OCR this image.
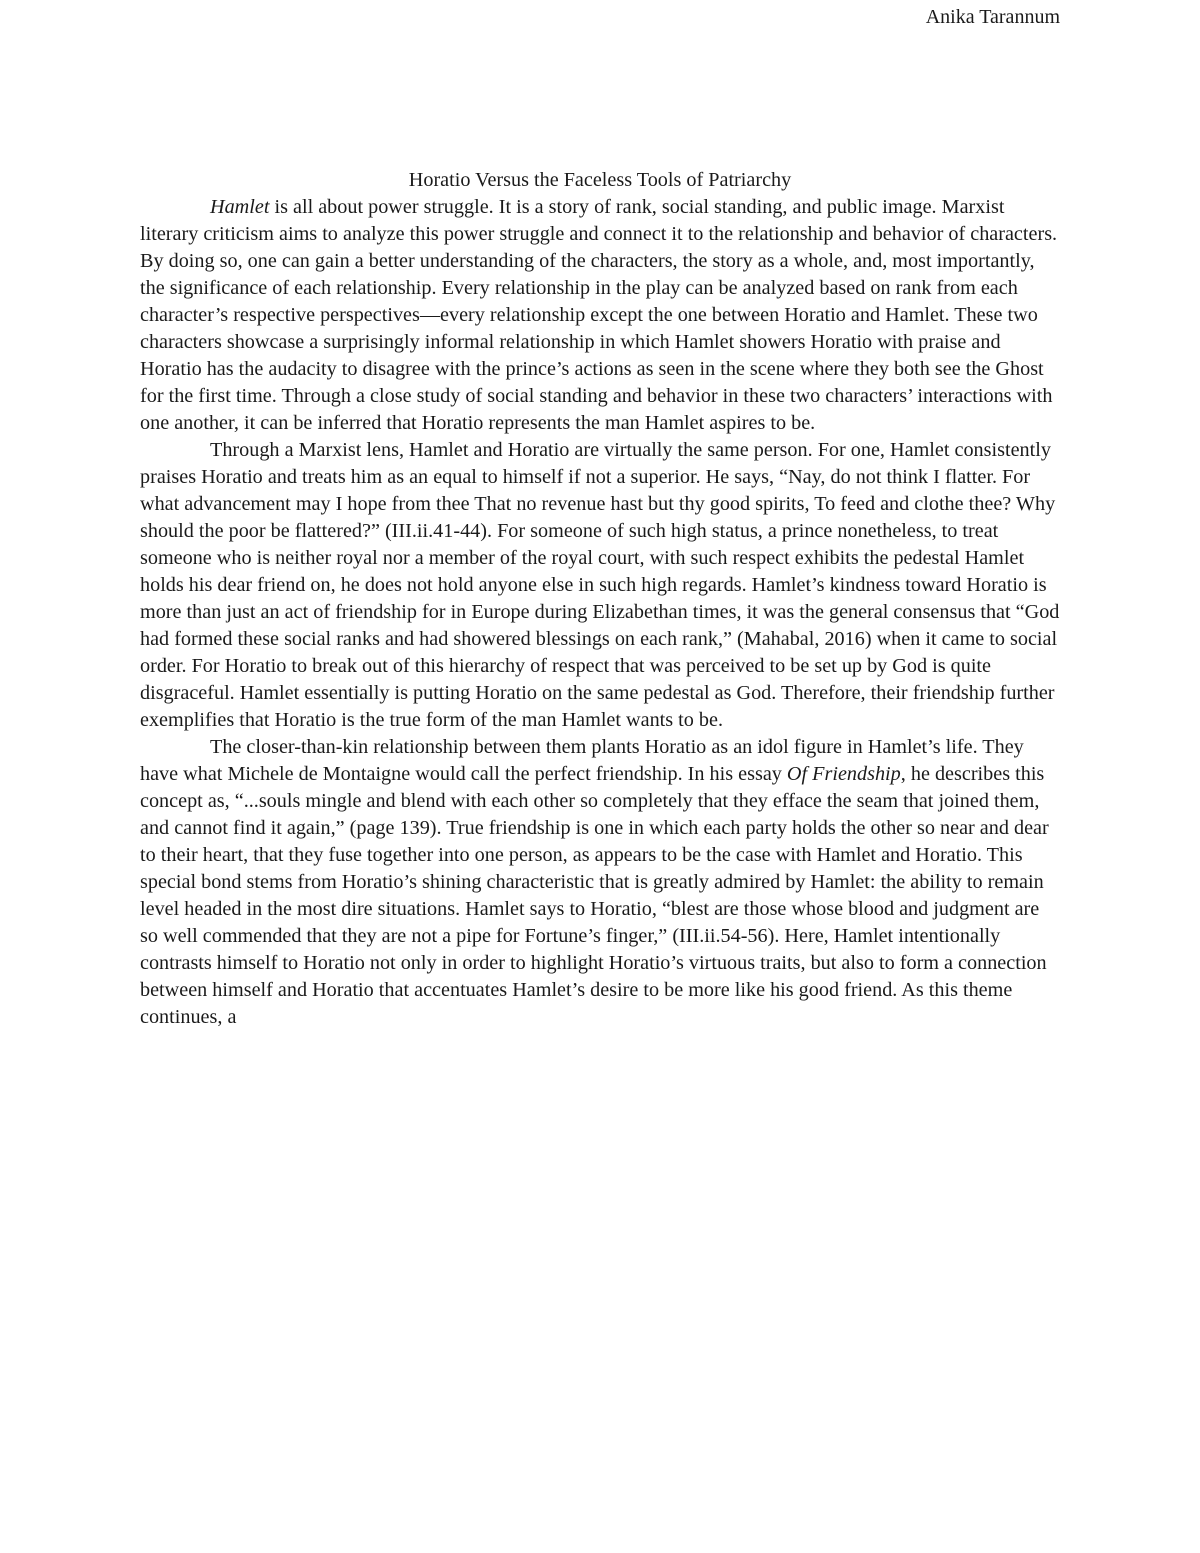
Anika Tarannum

Horatio Versus the Faceless Tools of Patriarchy

Hamlet is all about power struggle. It is a story of rank, social standing, and public image. Marxist literary criticism aims to analyze this power struggle and connect it to the relationship and behavior of characters. By doing so, one can gain a better understanding of the characters, the story as a whole, and, most importantly, the significance of each relationship. Every relationship in the play can be analyzed based on rank from each character’s respective perspectives—every relationship except the one between Horatio and Hamlet. These two characters showcase a surprisingly informal relationship in which Hamlet showers Horatio with praise and Horatio has the audacity to disagree with the prince’s actions as seen in the scene where they both see the Ghost for the first time. Through a close study of social standing and behavior in these two characters’ interactions with one another, it can be inferred that Horatio represents the man Hamlet aspires to be.

Through a Marxist lens, Hamlet and Horatio are virtually the same person. For one, Hamlet consistently praises Horatio and treats him as an equal to himself if not a superior. He says, “Nay, do not think I flatter. For what advancement may I hope from thee That no revenue hast but thy good spirits, To feed and clothe thee? Why should the poor be flattered?” (III.ii.41-44). For someone of such high status, a prince nonetheless, to treat someone who is neither royal nor a member of the royal court, with such respect exhibits the pedestal Hamlet holds his dear friend on, he does not hold anyone else in such high regards. Hamlet’s kindness toward Horatio is more than just an act of friendship for in Europe during Elizabethan times, it was the general consensus that “God had formed these social ranks and had showered blessings on each rank,” (Mahabal, 2016) when it came to social order. For Horatio to break out of this hierarchy of respect that was perceived to be set up by God is quite disgraceful. Hamlet essentially is putting Horatio on the same pedestal as God. Therefore, their friendship further exemplifies that Horatio is the true form of the man Hamlet wants to be.

The closer-than-kin relationship between them plants Horatio as an idol figure in Hamlet’s life. They have what Michele de Montaigne would call the perfect friendship. In his essay Of Friendship, he describes this concept as, “...souls mingle and blend with each other so completely that they efface the seam that joined them, and cannot find it again,” (page 139). True friendship is one in which each party holds the other so near and dear to their heart, that they fuse together into one person, as appears to be the case with Hamlet and Horatio. This special bond stems from Horatio’s shining characteristic that is greatly admired by Hamlet: the ability to remain level headed in the most dire situations. Hamlet says to Horatio, “blest are those whose blood and judgment are so well commended that they are not a pipe for Fortune’s finger,” (III.ii.54-56). Here, Hamlet intentionally contrasts himself to Horatio not only in order to highlight Horatio’s virtuous traits, but also to form a connection between himself and Horatio that accentuates Hamlet’s desire to be more like his good friend. As this theme continues, a
